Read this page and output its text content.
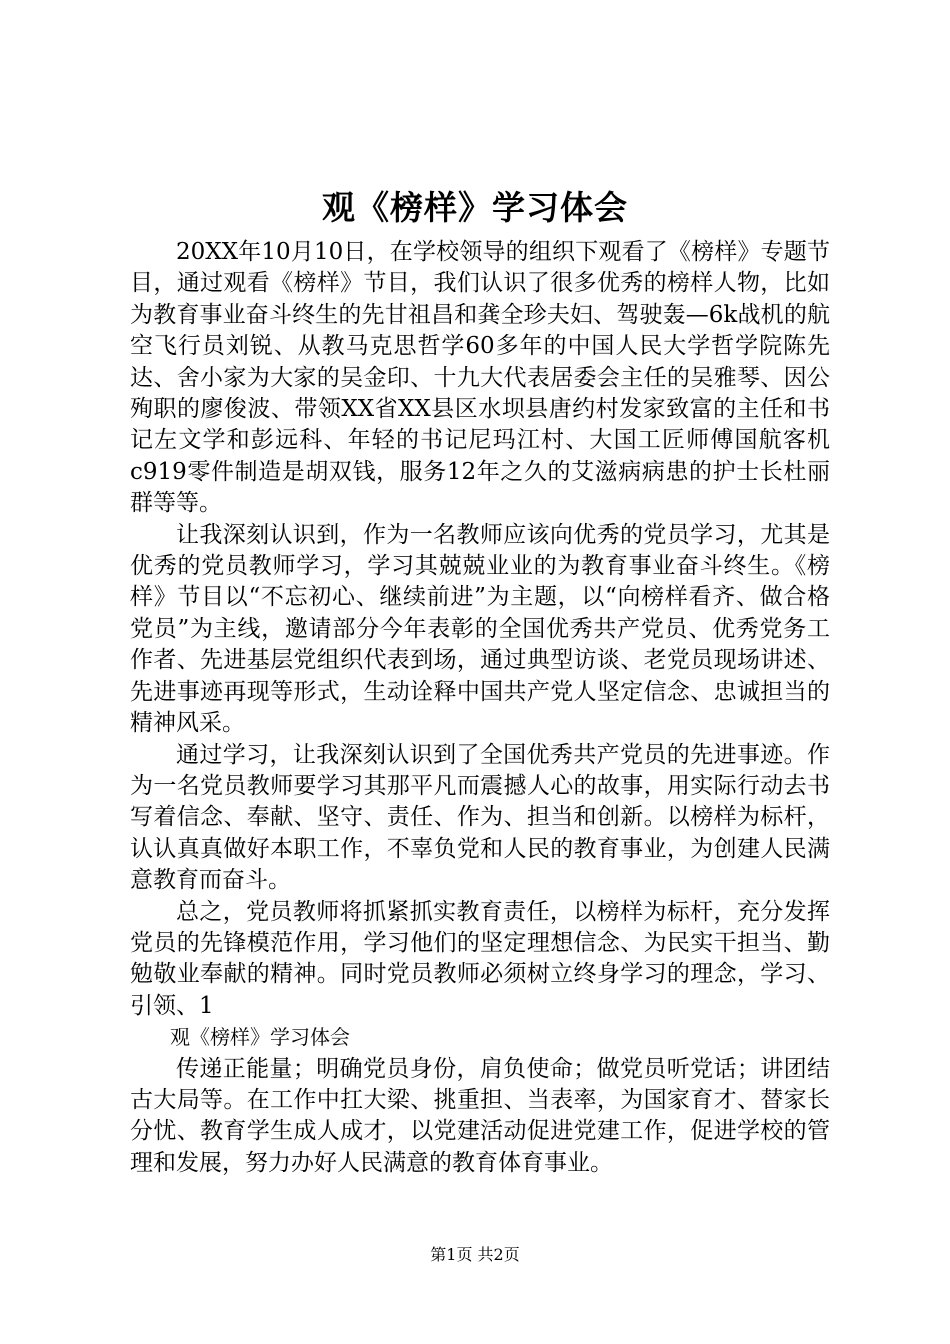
观《榜样》学习体会

20XX年10月10日，在学校领导的组织下观看了《榜样》专题节目，通过观看《榜样》节目，我们认识了很多优秀的榜样人物，比如为教育事业奋斗终生的先甘祖昌和龚全珍夫妇、驾驶轰—6k战机的航空飞行员刘锐、从教马克思哲学60多年的中国人民大学哲学院陈先达、舍小家为大家的吴金印、十九大代表居委会主任的吴雅琴、因公殉职的廖俊波、带领XX省XX县区水坝县唐约村发家致富的主任和书记左文学和彭远科、年轻的书记尼玛江村、大国工匠师傅国航客机c919零件制造是胡双钱，服务12年之久的艾滋病病患的护士长杜丽群等等。

让我深刻认识到，作为一名教师应该向优秀的党员学习，尤其是优秀的党员教师学习，学习其兢兢业业的为教育事业奋斗终生。《榜样》节目以“不忘初心、继续前进”为主题，以“向榜样看齐、做合格党员”为主线，邀请部分今年表彰的全国优秀共产党员、优秀党务工作者、先进基层党组织代表到场，通过典型访谈、老党员现场讲述、先进事迹再现等形式，生动诠释中国共产党人坚定信念、忠诚担当的精神风采。

通过学习，让我深刻认识到了全国优秀共产党员的先进事迹。作为一名党员教师要学习其那平凡而震撼人心的故事，用实际行动去书写着信念、奉献、坚守、责任、作为、担当和创新。以榜样为标杆，认认真真做好本职工作，不辜负党和人民的教育事业，为创建人民满意教育而奋斗。

总之，党员教师将抓紧抓实教育责任，以榜样为标杆，充分发挥党员的先锋模范作用，学习他们的坚定理想信念、为民实干担当、勤勉敬业奉献的精神。同时党员教师必须树立终身学习的理念，学习、引领、1

观《榜样》学习体会

传递正能量；明确党员身份，肩负使命；做党员听党话；讲团结古大局等。在工作中扛大梁、挑重担、当表率，为国家育才、替家长分忧、教育学生成人成才，以党建活动促进党建工作，促进学校的管理和发展，努力办好人民满意的教育体育事业。

第1页 共2页
